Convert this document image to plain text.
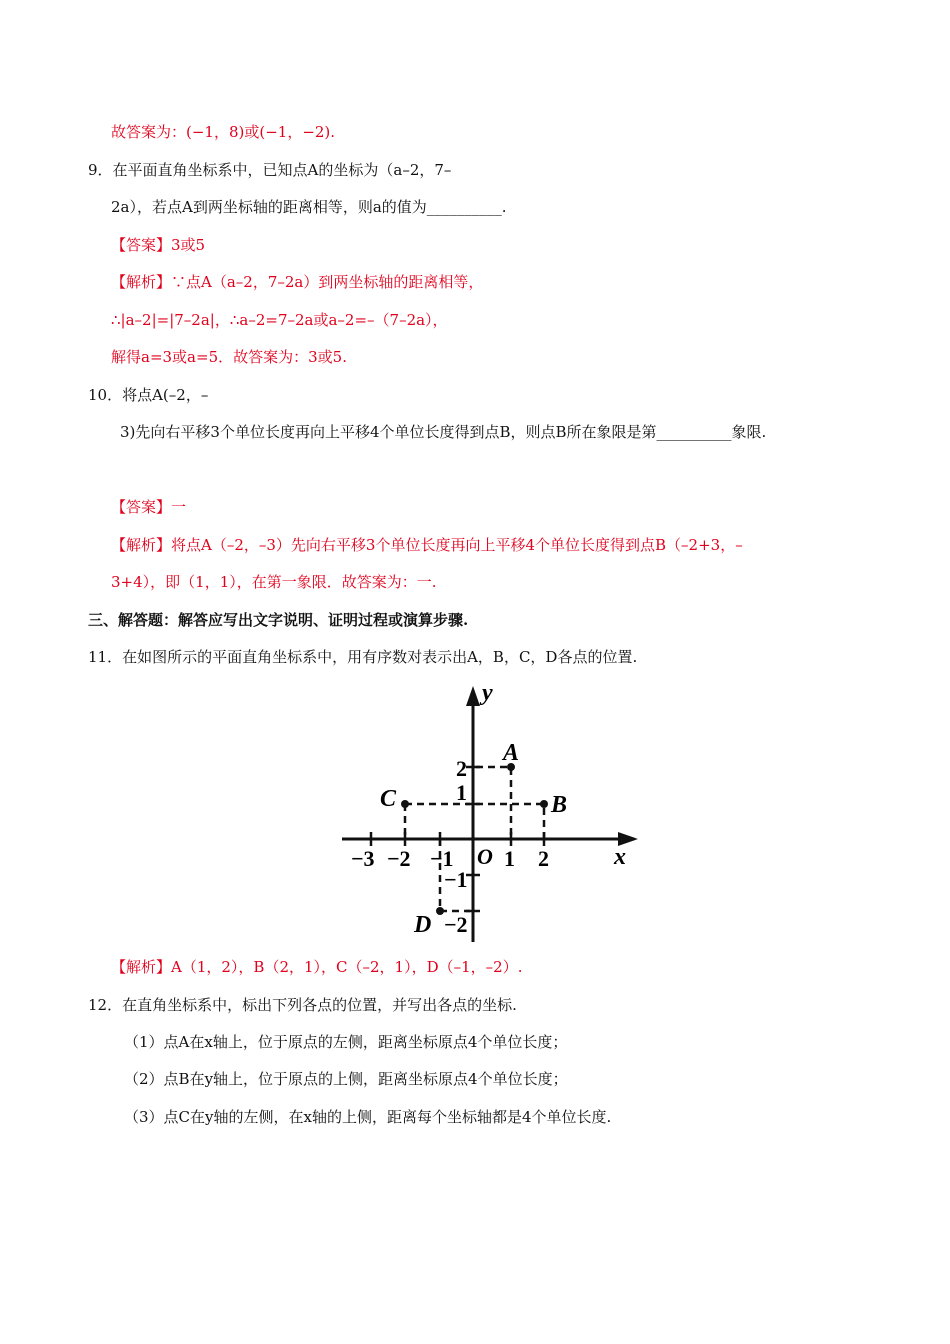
故答案为：(−1，8)或(−1，−2).
9．在平面直角坐标系中，已知点A的坐标为（a–2，7–
2a），若点A到两坐标轴的距离相等，则a的值为__________.
【答案】3或5
【解析】∵点A（a–2，7–2a）到两坐标轴的距离相等，
∴|a–2|=|7–2a|，∴a–2=7–2a或a–2=–（7–2a），
解得a=3或a=5．故答案为：3或5.
10．将点A(–2，–
3)先向右平移3个单位长度再向上平移4个单位长度得到点B，则点B所在象限是第__________象限.
【答案】一
【解析】将点A（–2，–3）先向右平移3个单位长度再向上平移4个单位长度得到点B（–2+3，–
3+4），即（1，1），在第一象限．故答案为：一.
三、解答题：解答应写出文字说明、证明过程或演算步骤.
11．在如图所示的平面直角坐标系中，用有序数对表示出A，B，C，D各点的位置.
y
x
O
−3 −2 −1 1 2
2
1
−1
−2
A
B
C
D
【解析】A（1，2），B（2，1），C（–2，1），D（–1，–2）.
12．在直角坐标系中，标出下列各点的位置，并写出各点的坐标.
（1）点A在x轴上，位于原点的左侧，距离坐标原点4个单位长度；
（2）点B在y轴上，位于原点的上侧，距离坐标原点4个单位长度；
（3）点C在y轴的左侧，在x轴的上侧，距离每个坐标轴都是4个单位长度.
